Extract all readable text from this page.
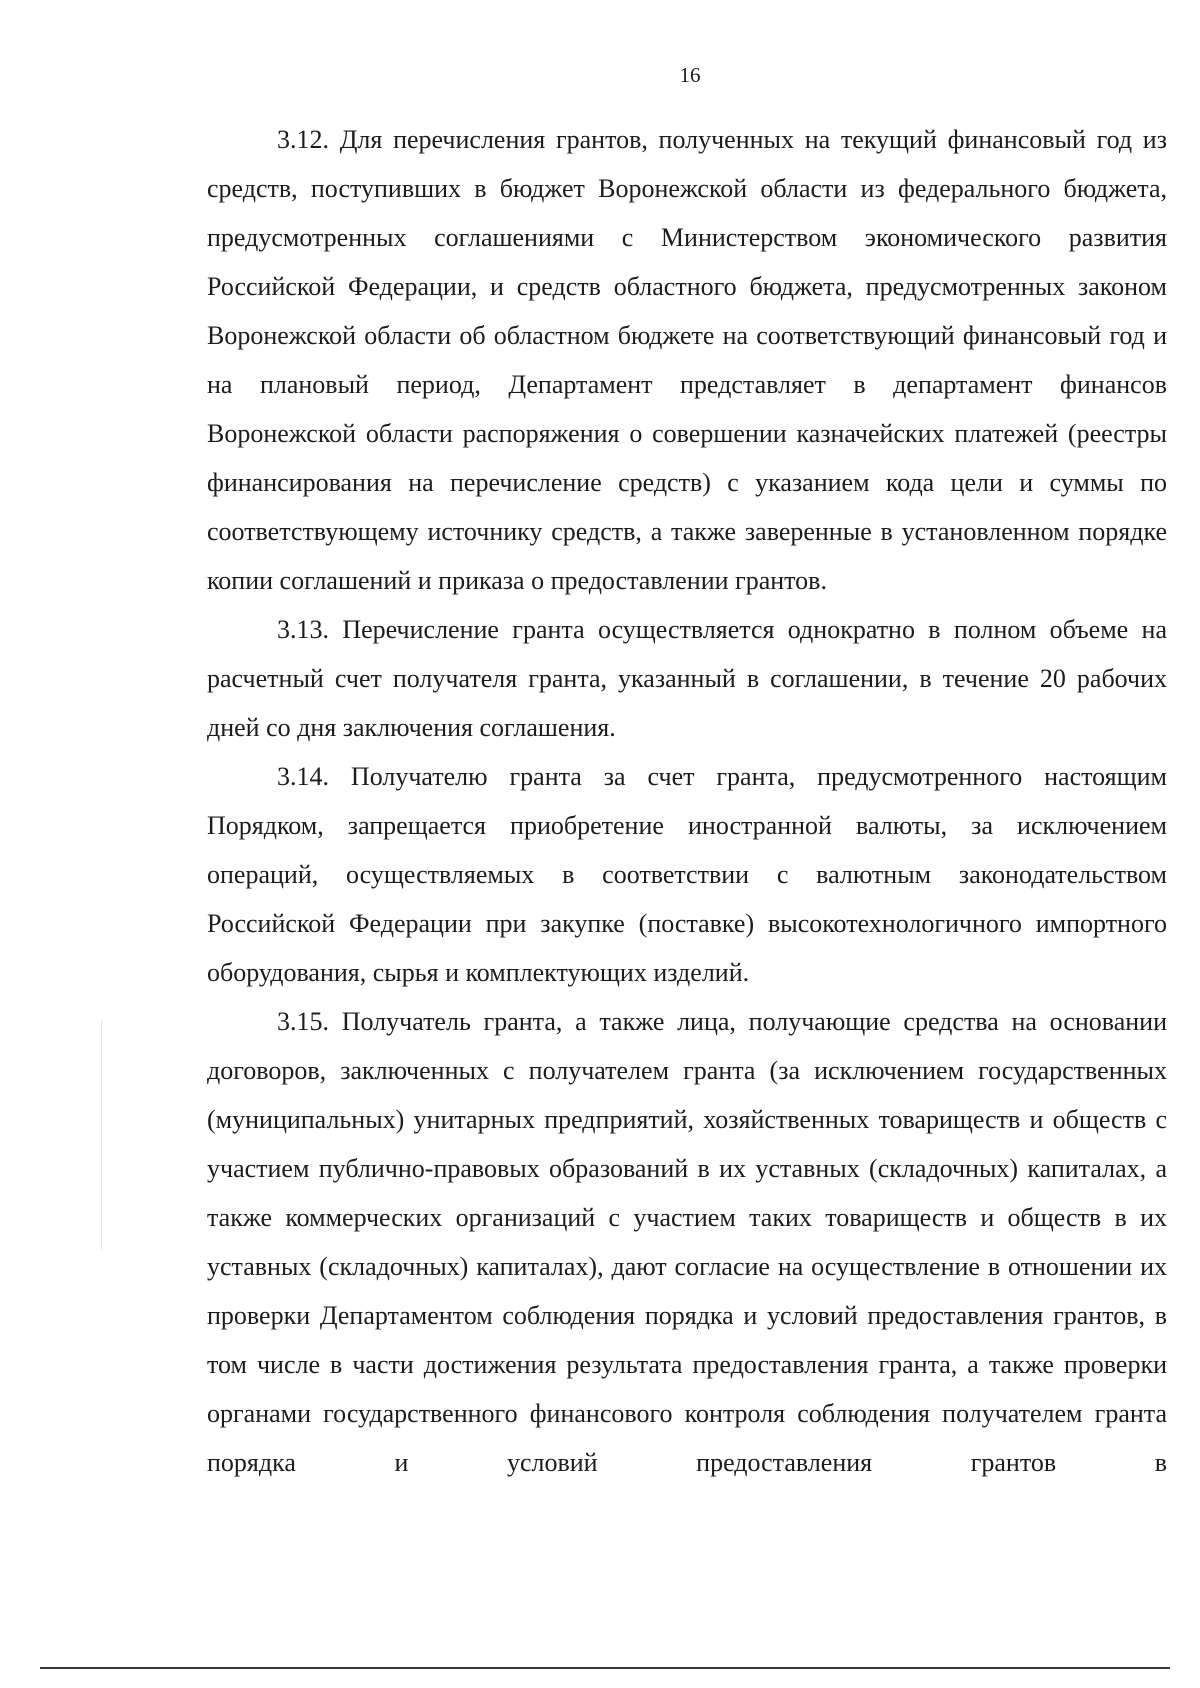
16

3.12. Для перечисления грантов, полученных на текущий финансовый год из средств, поступивших в бюджет Воронежской области из федерального бюджета, предусмотренных соглашениями с Министерством экономического развития Российской Федерации, и средств областного бюджета, предусмотренных законом Воронежской области об областном бюджете на соответствующий финансовый год и на плановый период, Департамент представляет в департамент финансов Воронежской области распоряжения о совершении казначейских платежей (реестры финансирования на перечисление средств) с указанием кода цели и суммы по соответствующему источнику средств, а также заверенные в установленном порядке копии соглашений и приказа о предоставлении грантов.

3.13. Перечисление гранта осуществляется однократно в полном объеме на расчетный счет получателя гранта, указанный в соглашении, в течение 20 рабочих дней со дня заключения соглашения.

3.14. Получателю гранта за счет гранта, предусмотренного настоящим Порядком, запрещается приобретение иностранной валюты, за исключением операций, осуществляемых в соответствии с валютным законодательством Российской Федерации при закупке (поставке) высокотехнологичного импортного оборудования, сырья и комплектующих изделий.

3.15. Получатель гранта, а также лица, получающие средства на основании договоров, заключенных с получателем гранта (за исключением государственных (муниципальных) унитарных предприятий, хозяйственных товариществ и обществ с участием публично-правовых образований в их уставных (складочных) капиталах, а также коммерческих организаций с участием таких товариществ и обществ в их уставных (складочных) капиталах), дают согласие на осуществление в отношении их проверки Департаментом соблюдения порядка и условий предоставления грантов, в том числе в части достижения результата предоставления гранта, а также проверки органами государственного финансового контроля соблюдения получателем гранта порядка и условий предоставления грантов в
